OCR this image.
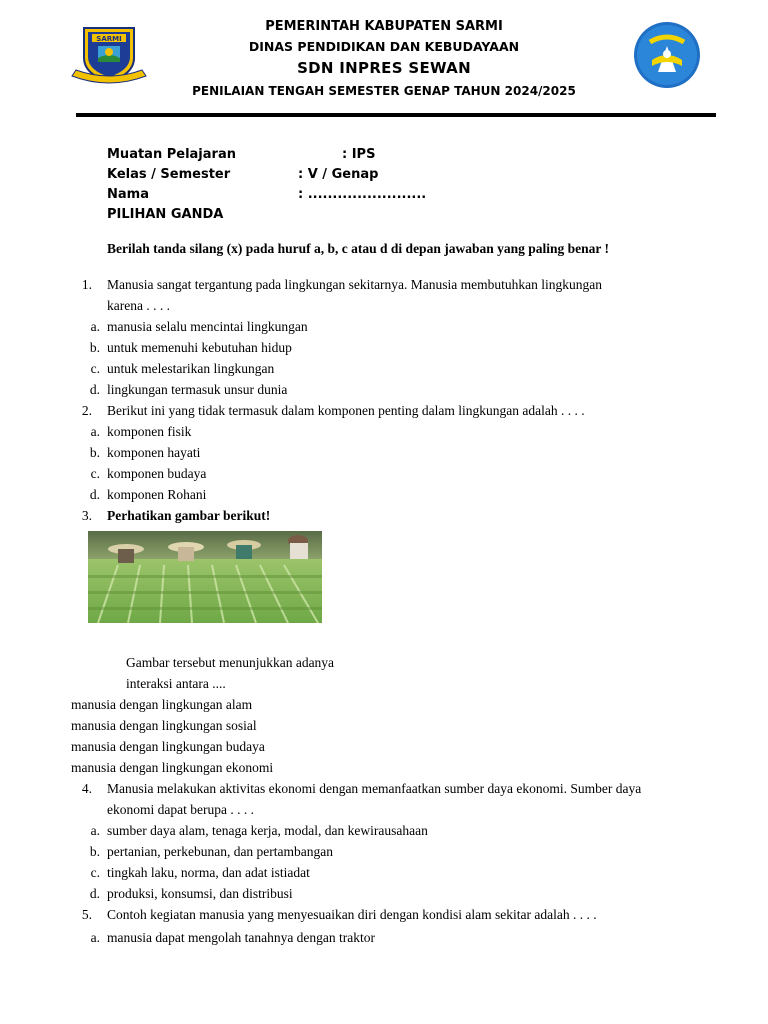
SARMI
PEMERINTAH KABUPATEN SARMI
DINAS PENDIDIKAN DAN KEBUDAYAAN
SDN INPRES SEWAN
PENILAIAN TENGAH SEMESTER GENAP TAHUN 2024/2025
Muatan Pelajaran	: IPS
Kelas / Semester	: V / Genap
Nama	: ........................
PILIHAN GANDA
Berilah tanda silang (x) pada huruf a, b, c atau d di depan jawaban yang paling benar !
1. Manusia sangat tergantung pada lingkungan sekitarnya. Manusia membutuhkan lingkungan
karena . . . .
a. manusia selalu mencintai lingkungan
b. untuk memenuhi kebutuhan hidup
c. untuk melestarikan lingkungan
d. lingkungan termasuk unsur dunia
2. Berikut ini yang tidak termasuk dalam komponen penting dalam lingkungan adalah . . . .
a. komponen fisik
b. komponen hayati
c. komponen budaya
d. komponen Rohani
3. Perhatikan gambar berikut!
Gambar tersebut menunjukkan adanya
interaksi antara ....
manusia dengan lingkungan alam
manusia dengan lingkungan sosial
manusia dengan lingkungan budaya
manusia dengan lingkungan ekonomi
4. Manusia melakukan aktivitas ekonomi dengan memanfaatkan sumber daya ekonomi. Sumber daya
ekonomi dapat berupa . . . .
a. sumber daya alam, tenaga kerja, modal, dan kewirausahaan
b. pertanian, perkebunan, dan pertambangan
c. tingkah laku, norma, dan adat istiadat
d. produksi, konsumsi, dan distribusi
5. Contoh kegiatan manusia yang menyesuaikan diri dengan kondisi alam sekitar adalah . . . .
a. manusia dapat mengolah tanahnya dengan traktor
